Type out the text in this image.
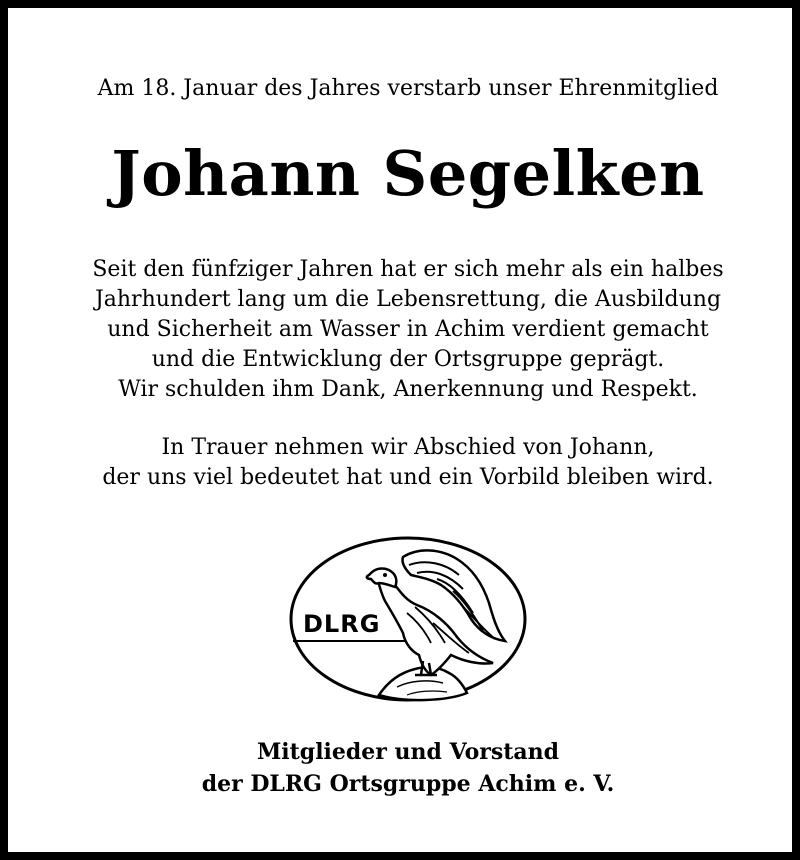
Am 18. Januar des Jahres verstarb unser Ehrenmitglied
Johann Segelken
Seit den fünfziger Jahren hat er sich mehr als ein halbes
Jahrhundert lang um die Lebensrettung, die Ausbildung
und Sicherheit am Wasser in Achim verdient gemacht
und die Entwicklung der Ortsgruppe geprägt.
Wir schulden ihm Dank, Anerkennung und Respekt.
In Trauer nehmen wir Abschied von Johann,
der uns viel bedeutet hat und ein Vorbild bleiben wird.
DLRG
Mitglieder und Vorstand
der DLRG Ortsgruppe Achim e. V.
